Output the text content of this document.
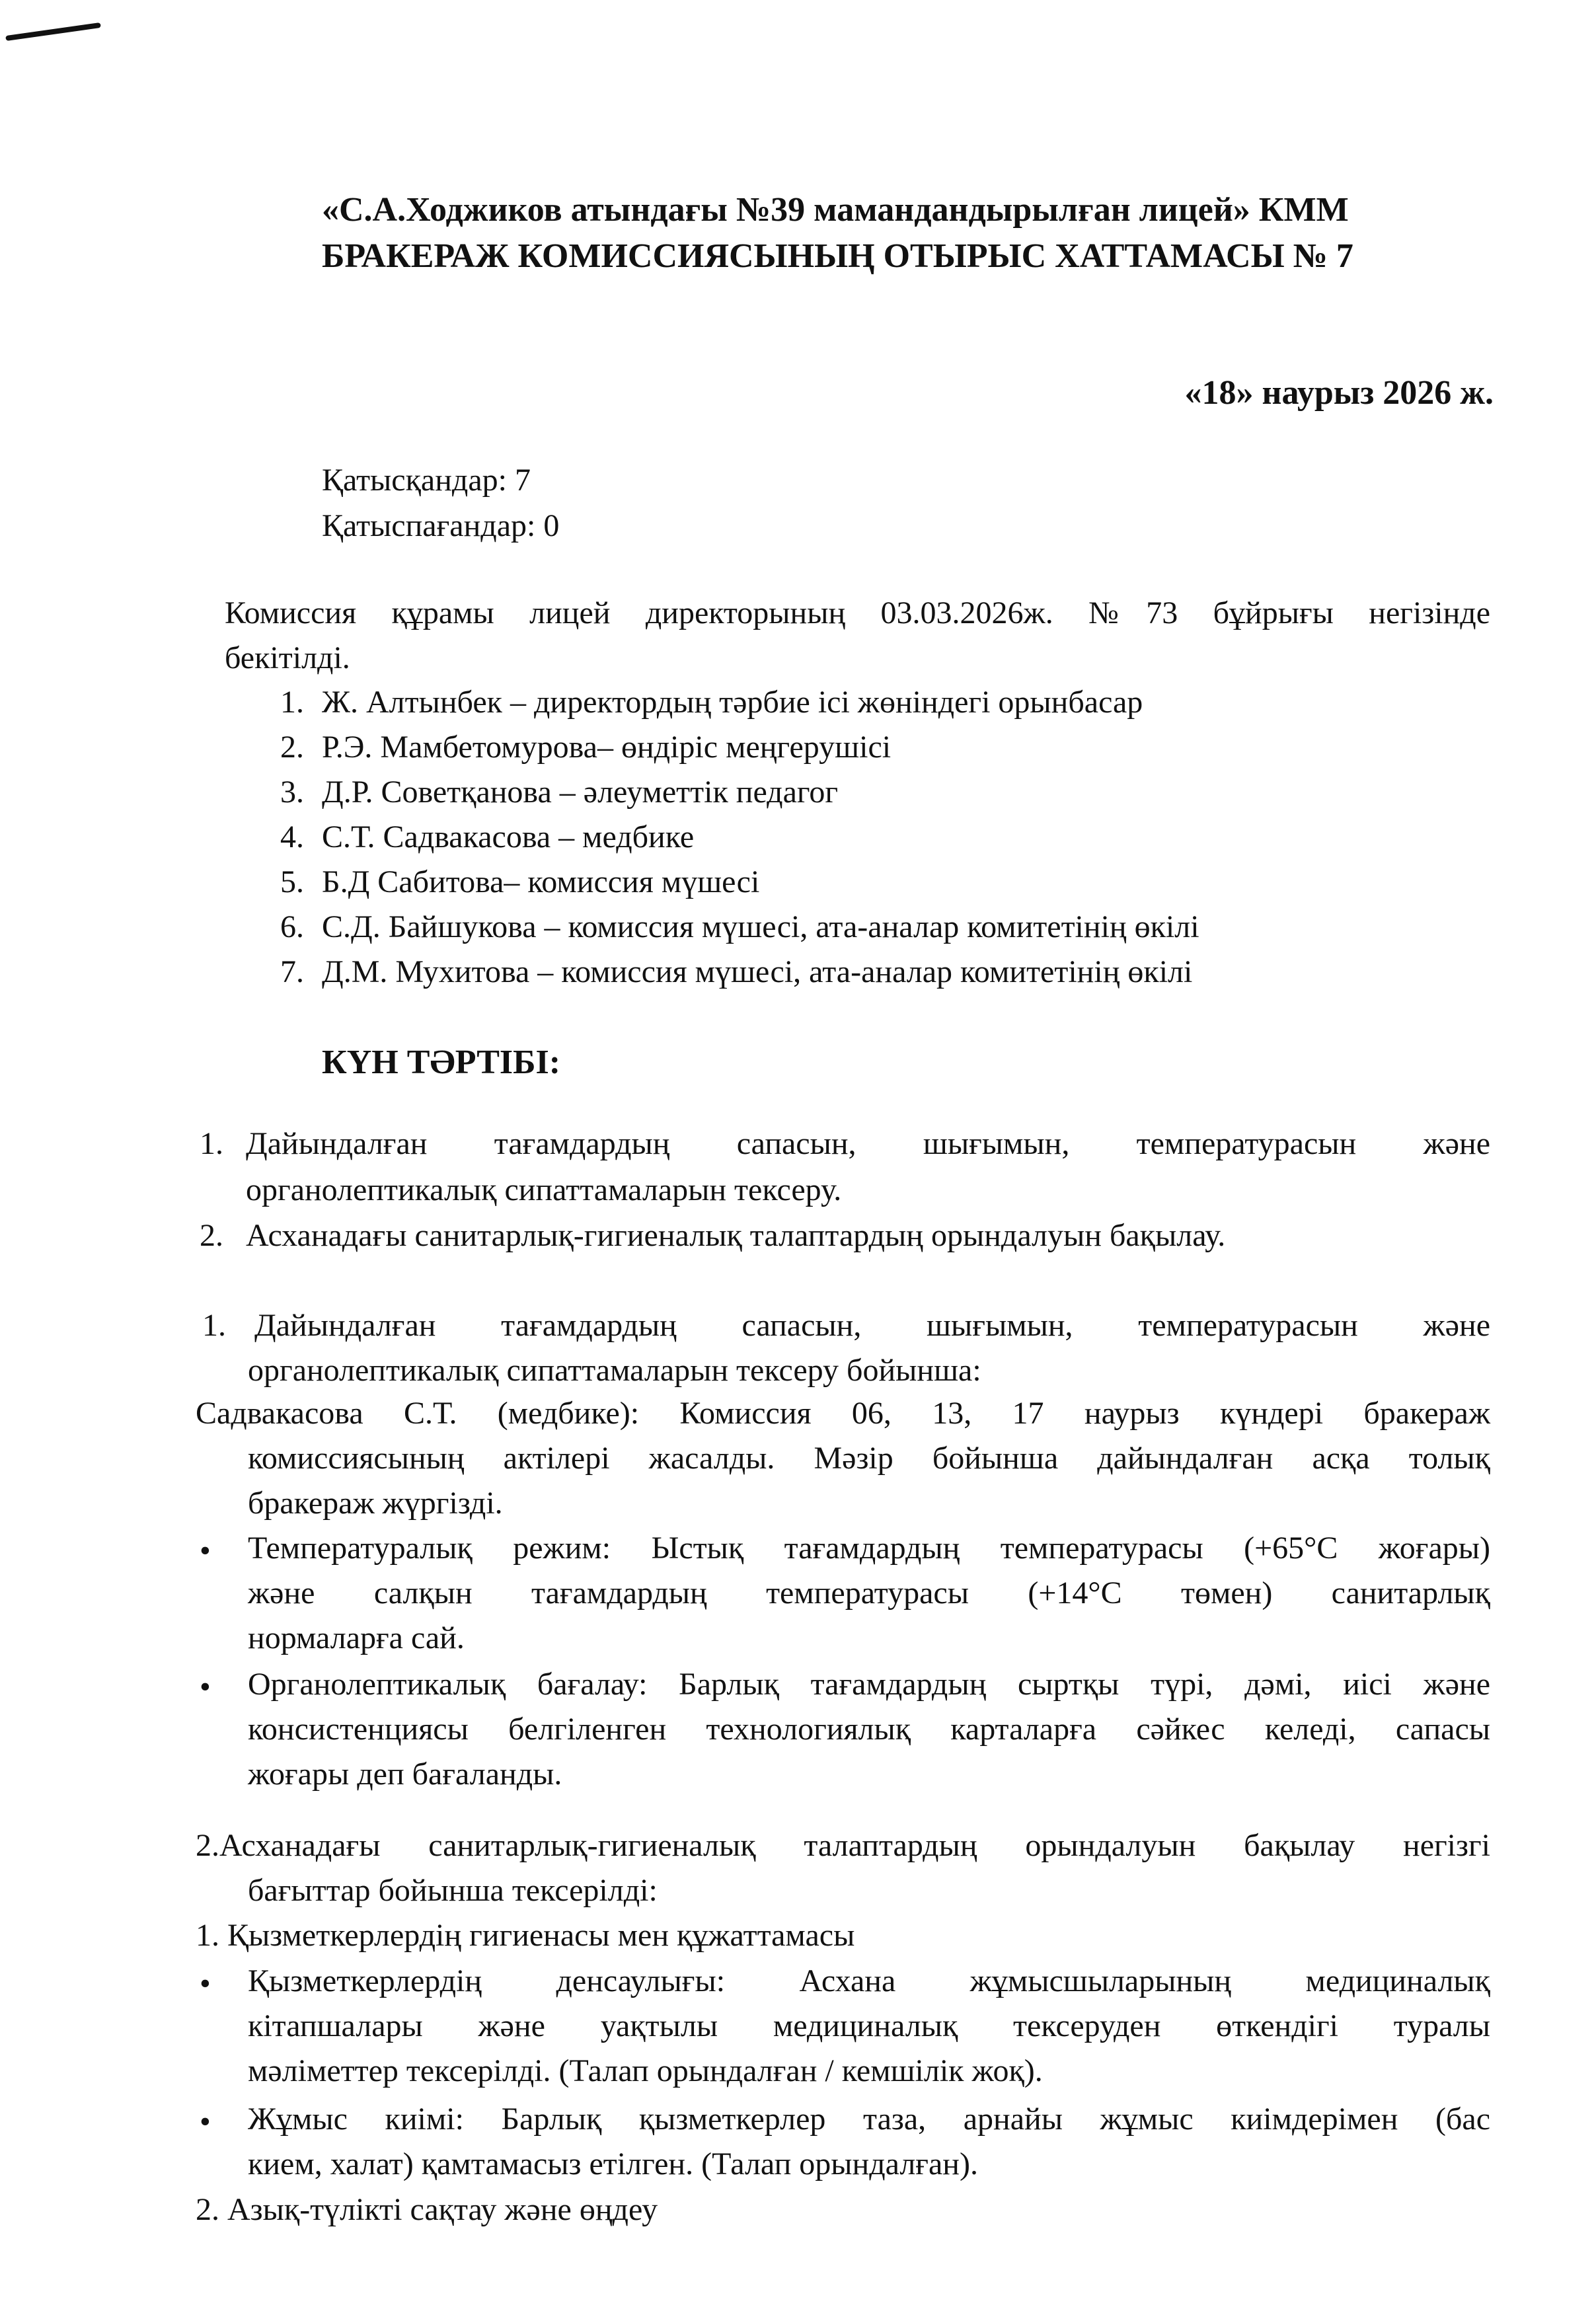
«С.А.Ходжиков атындағы №39 мамандандырылған лицей» КММ
БРАКЕРАЖ КОМИССИЯСЫНЫҢ ОТЫРЫС ХАТТАМАСЫ № 7
«18» наурыз 2026 ж.
Қатысқандар: 7
Қатыспағандар: 0
Комиссия құрамы лицей директорының 03.03.2026ж. №73 бұйрығы негізінде
бекітілді.
1. Ж. Алтынбек – директордың тәрбие ісі жөніндегі орынбасар
2. Р.Э. Мамбетомурова– өндіріс меңгерушісі
3. Д.Р. Советқанова – әлеуметтік педагог
4. С.Т. Садвакасова – медбике
5. Б.Д Сабитова– комиссия мүшесі
6. С.Д. Байшукова – комиссия мүшесі, ата-аналар комитетінің өкілі
7. Д.М. Мухитова – комиссия мүшесі, ата-аналар комитетінің өкілі
КҮН ТӘРТІБІ:
1. Дайындалған тағамдардың сапасын, шығымын, температурасын және
органолептикалық сипаттамаларын тексеру.
2. Асханадағы санитарлық-гигиеналық талаптардың орындалуын бақылау.
1. Дайындалған тағамдардың сапасын, шығымын, температурасын және
органолептикалық сипаттамаларын тексеру бойынша:
Садвакасова С.Т. (медбике): Комиссия 06, 13, 17 наурыз күндері бракераж
комиссиясының актілері жасалды. Мәзір бойынша дайындалған асқа толық
бракераж жүргізді.
• Температуралық режим: Ыстық тағамдардың температурасы (+65°С жоғары)
және салқын тағамдардың температурасы (+14°С төмен) санитарлық
нормаларға сай.
• Органолептикалық бағалау: Барлық тағамдардың сыртқы түрі, дәмі, иісі және
консистенциясы белгіленген технологиялық карталарға сәйкес келеді, сапасы
жоғары деп бағаланды.
2.Асханадағы санитарлық-гигиеналық талаптардың орындалуын бақылау негізгі
бағыттар бойынша тексерілді:
1. Қызметкерлердің гигиенасы мен құжаттамасы
• Қызметкерлердің денсаулығы: Асхана жұмысшыларының медициналық
кітапшалары және уақтылы медициналық тексеруден өткендігі туралы
мәліметтер тексерілді. (Талап орындалған / кемшілік жоқ).
• Жұмыс киімі: Барлық қызметкерлер таза, арнайы жұмыс киімдерімен (бас
кием, халат) қамтамасыз етілген. (Талап орындалған).
2. Азық-түлікті сақтау және өңдеу
